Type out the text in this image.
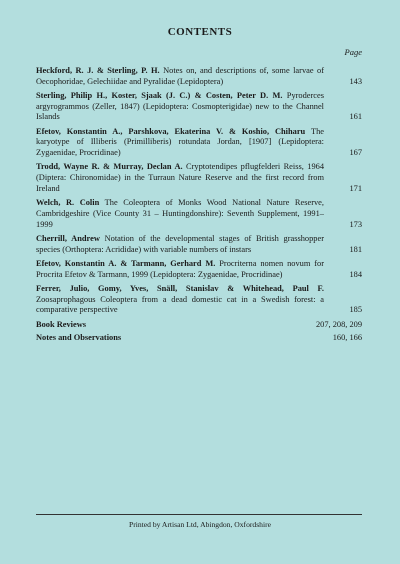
CONTENTS
Page
Heckford, R. J. & Sterling, P. H. Notes on, and descriptions of, some larvae of Oecophoridae, Gelechiidae and Pyralidae (Lepidoptera)	143
Sterling, Philip H., Koster, Sjaak (J. C.) & Costen, Peter D. M. Pyroderces argyrogrammos (Zeller, 1847) (Lepidoptera: Cosmopterigidae) new to the Channel Islands	161
Efetov, Konstantin A., Parshkova, Ekaterina V. & Koshio, Chiharu The karyotype of Illiberis (Primilliberis) rotundata Jordan, [1907] (Lepidoptera: Zygaenidae, Procridinae)	167
Trodd, Wayne R. & Murray, Declan A. Cryptotendipes pflugfelderi Reiss, 1964 (Diptera: Chironomidae) in the Turraun Nature Reserve and the first record from Ireland	171
Welch, R. Colin The Coleoptera of Monks Wood National Nature Reserve, Cambridgeshire (Vice County 31 – Huntingdonshire): Seventh Supplement, 1991–1999	173
Cherrill, Andrew Notation of the developmental stages of British grasshopper species (Orthoptera: Acrididae) with variable numbers of instars	181
Efetov, Konstantin A. & Tarmann, Gerhard M. Procriterna nomen novum for Procrita Efetov & Tarmann, 1999 (Lepidoptera: Zygaenidae, Procridinae)	184
Ferrer, Julio, Gomy, Yves, Snäll, Stanislav & Whitehead, Paul F. Zoosaprophagous Coleoptera from a dead domestic cat in a Swedish forest: a comparative perspective	185
Book Reviews	207, 208, 209
Notes and Observations	160, 166
Printed by Artisan Ltd, Abingdon, Oxfordshire
